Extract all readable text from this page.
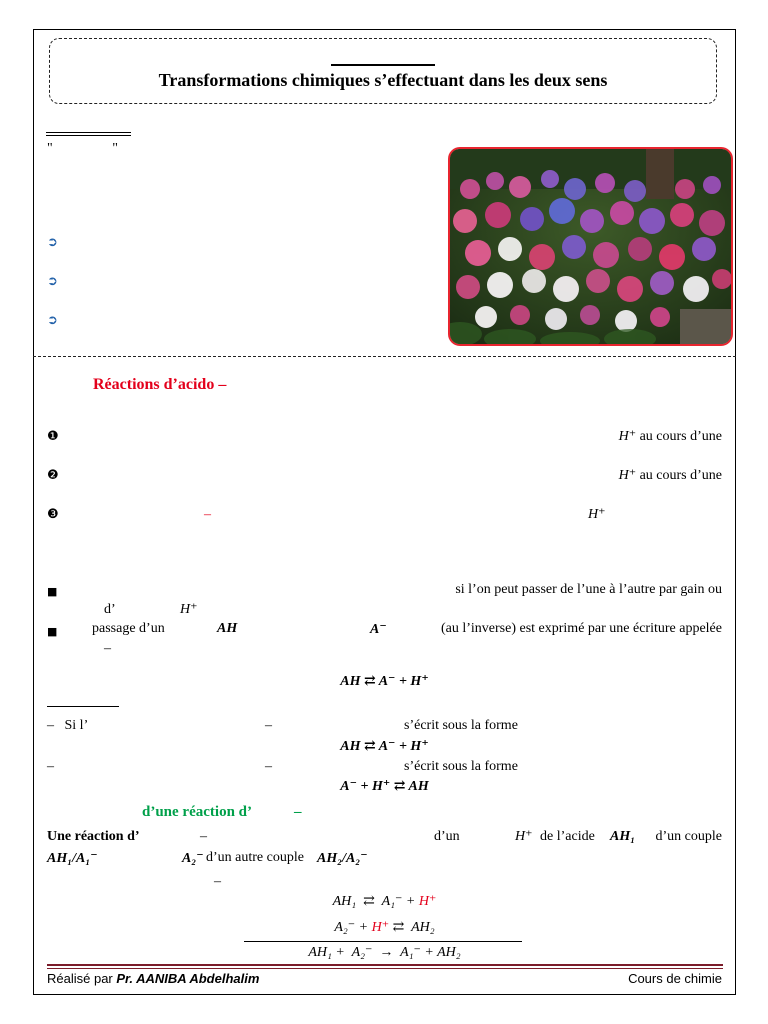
Transformations chimiques s’effectuant dans les deux sens
"                 "
➲
➲
➲
Réactions d’acido –
❶	H⁺ au cours d’une
❷	H⁺ au cours d’une
❸	–	H⁺
■	si l’on peut passer de l’une à l’autre par gain ou
d’	H⁺
■ passage d’un	AH	A⁻	(au l’inverse) est exprimé par une écriture appelée
–
AH ⇄ A⁻ + H⁺
–   Si l’	–	s’écrit sous la forme
AH ⇄ A⁻ + H⁺
–	–	s’écrit sous la forme
A⁻ + H⁺ ⇄ AH
d’une réaction d’	–
Une réaction d’	–	d’un	H⁺ de l’acide AH₁ d’un couple
AH₁/A₁⁻	A₂⁻ d’un autre couple AH₂/A₂⁻
–
AH₁  ⇄  A₁⁻ + H⁺
A₂⁻ + H⁺ ⇄  AH₂
AH₁ +  A₂⁻  →  A₁⁻ + AH₂
Réalisé par Pr. AANIBA Abdelhalim	Cours de chimie
